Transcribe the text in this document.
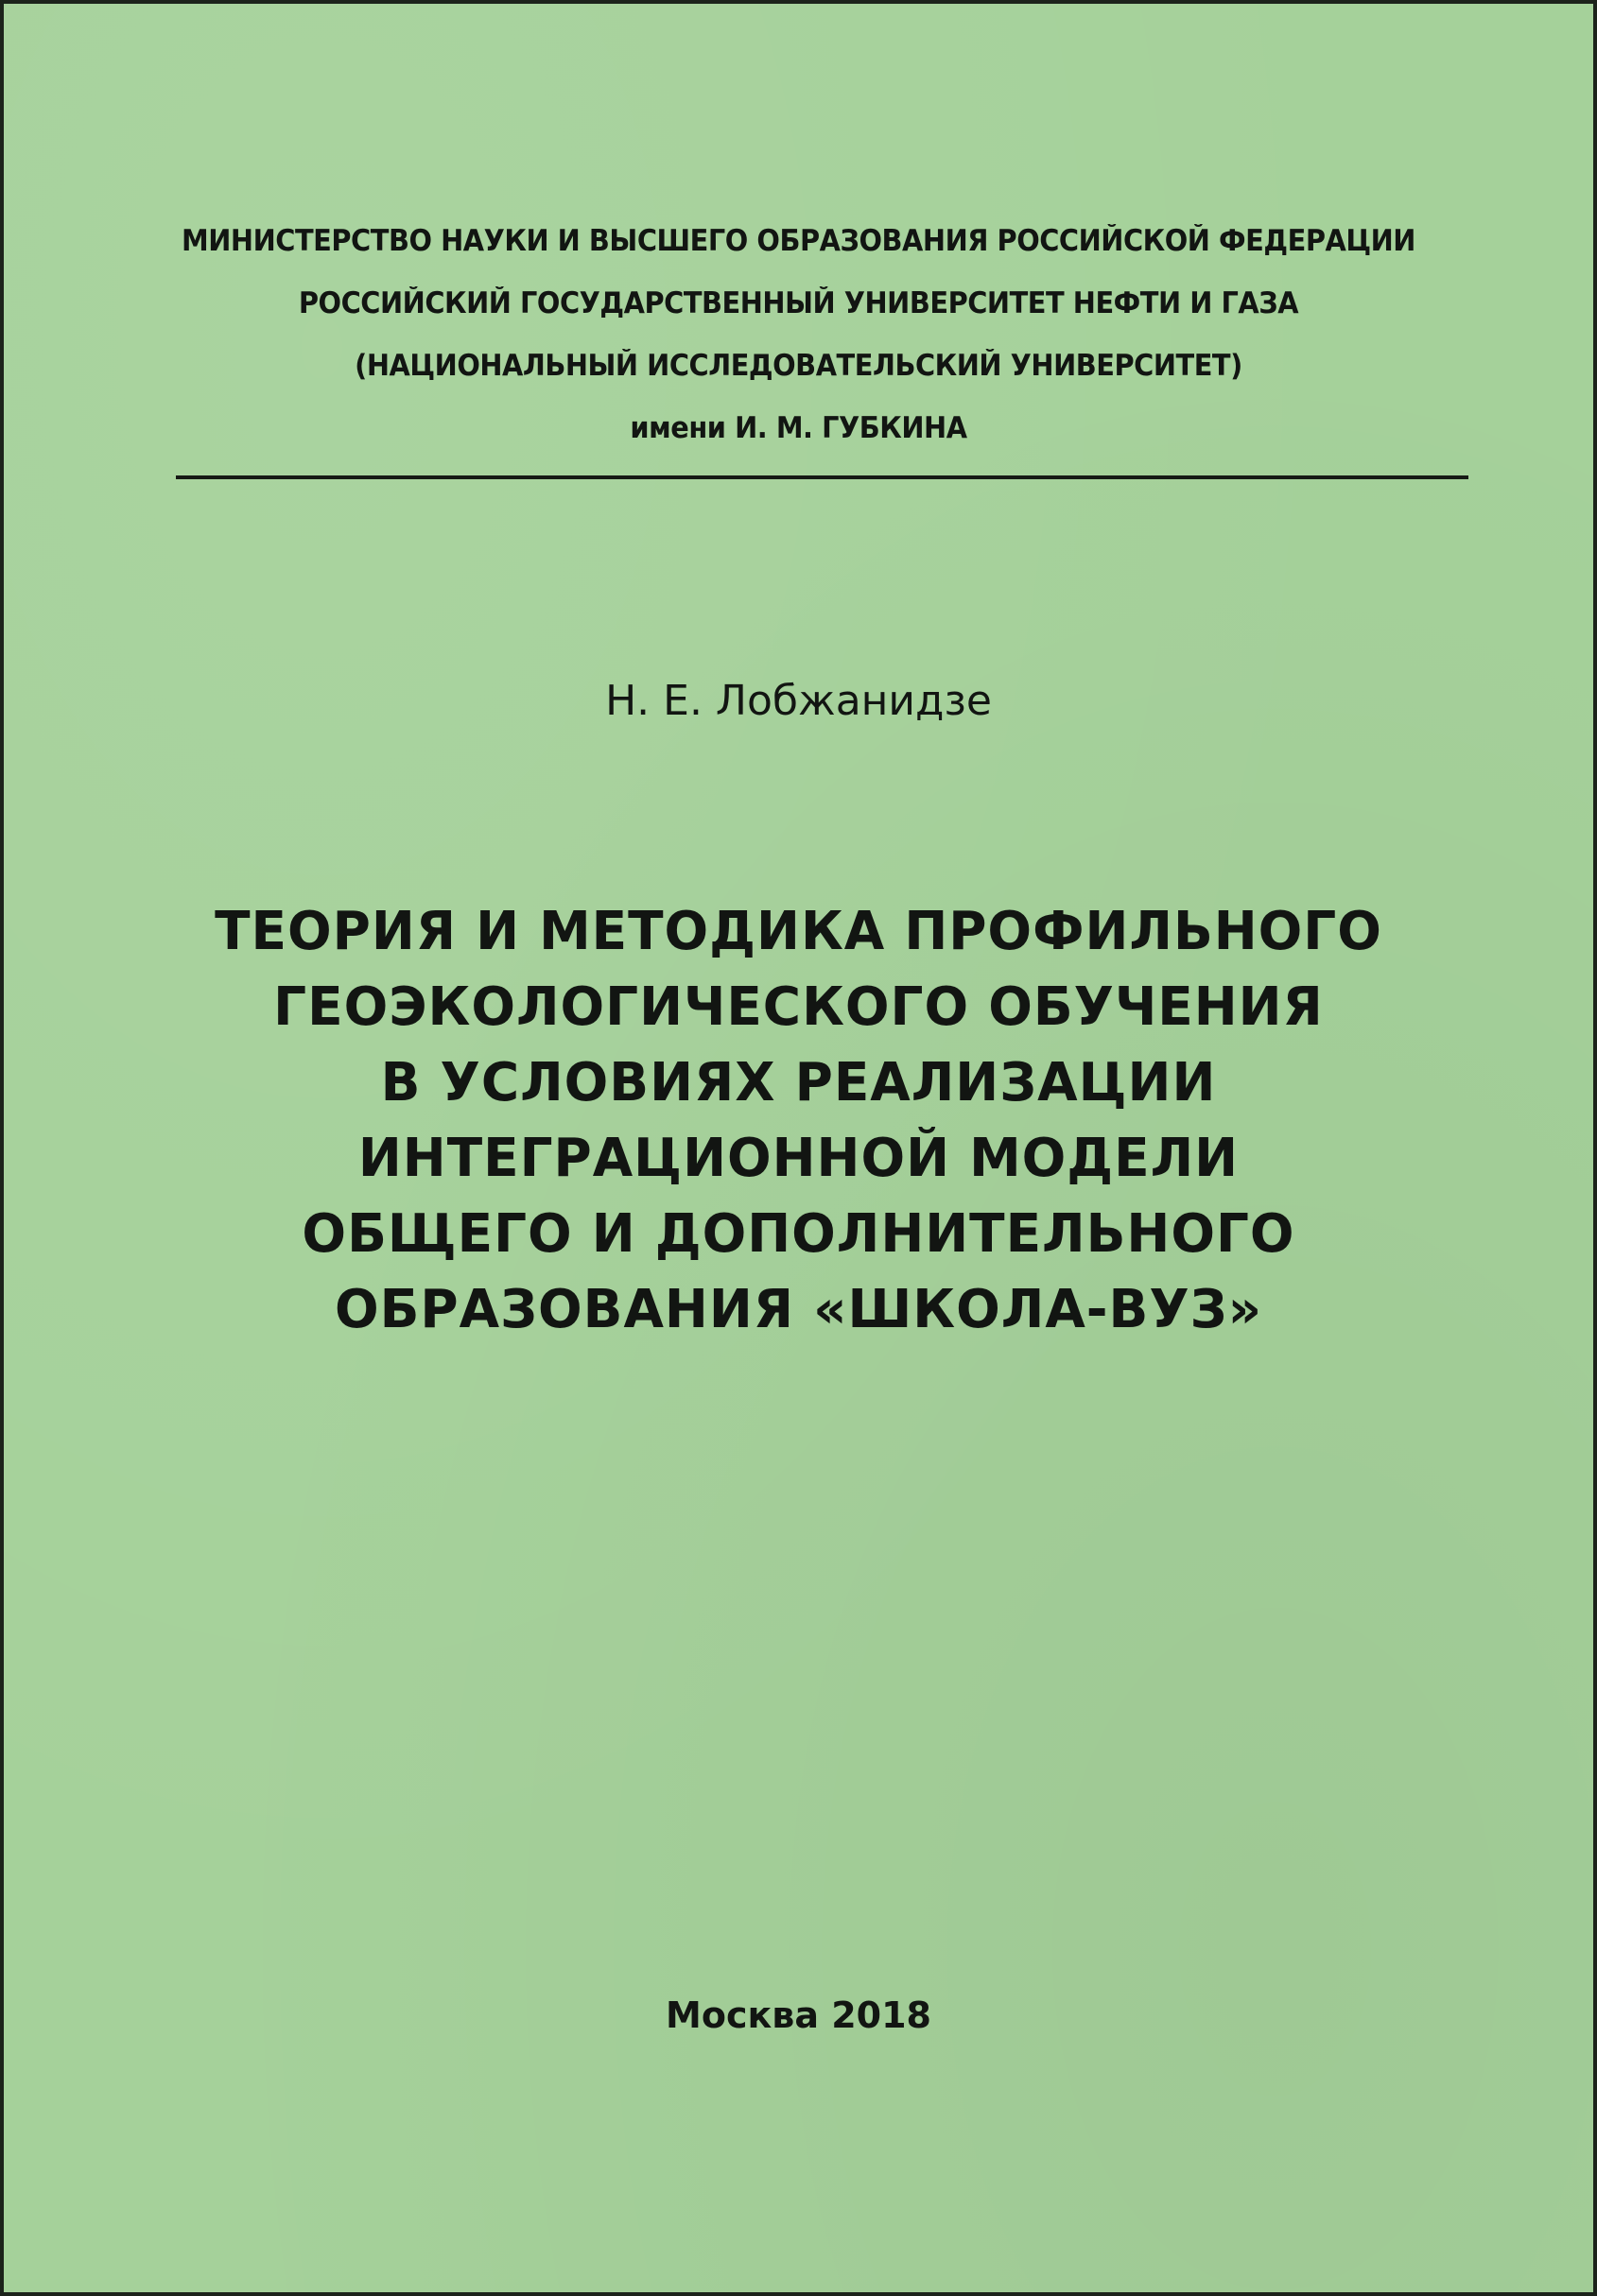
МИНИСТЕРСТВО НАУКИ И ВЫСШЕГО ОБРАЗОВАНИЯ РОССИЙСКОЙ ФЕДЕРАЦИИ
РОССИЙСКИЙ ГОСУДАРСТВЕННЫЙ УНИВЕРСИТЕТ НЕФТИ И ГАЗА
(НАЦИОНАЛЬНЫЙ ИССЛЕДОВАТЕЛЬСКИЙ УНИВЕРСИТЕТ)
имени И. М. ГУБКИНА
Н. Е. Лобжанидзе
ТЕОРИЯ И МЕТОДИКА ПРОФИЛЬНОГО
ГЕОЭКОЛОГИЧЕСКОГО ОБУЧЕНИЯ
В УСЛОВИЯХ РЕАЛИЗАЦИИ
ИНТЕГРАЦИОННОЙ МОДЕЛИ
ОБЩЕГО И ДОПОЛНИТЕЛЬНОГО
ОБРАЗОВАНИЯ «ШКОЛА-ВУЗ»
Москва 2018
